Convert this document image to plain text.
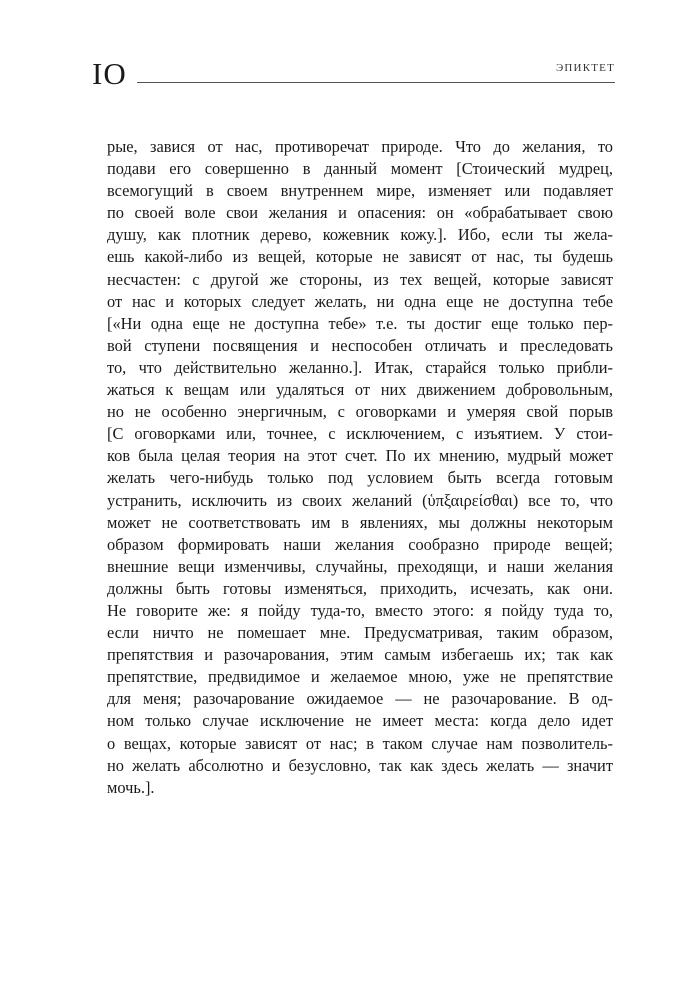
IO	ЭПИКТЕТ
рые, завися от нас, противоречат природе. Что до желания, то
подави его совершенно в данный момент [Стоический мудрец,
всемогущий в своем внутреннем мире, изменяет или подавляет
по своей воле свои желания и опасения: он «обрабатывает свою
душу, как плотник дерево, кожевник кожу.]. Ибо, если ты жела-
ешь какой-либо из вещей, которые не зависят от нас, ты будешь
несчастен: с другой же стороны, из тех вещей, которые зависят
от нас и которых следует желать, ни одна еще не доступна тебе
[«Ни одна еще не доступна тебе» т.е. ты достиг еще только пер-
вой ступени посвящения и неспособен отличать и преследовать
то, что действительно желанно.]. Итак, старайся только прибли-
жаться к вещам или удаляться от них движением добровольным,
но не особенно энергичным, с оговорками и умеряя свой порыв
[С оговорками или, точнее, с исключением, с изъятием. У стои-
ков была целая теория на этот счет. По их мнению, мудрый может
желать чего-нибудь только под условием быть всегда готовым
устранить, исключить из своих желаний (ὑπξαιρείσθαι) все то, что
может не соответствовать им в явлениях, мы должны некоторым
образом формировать наши желания сообразно природе вещей;
внешние вещи изменчивы, случайны, преходящи, и наши желания
должны быть готовы изменяться, приходить, исчезать, как они.
Не говорите же: я пойду туда-то, вместо этого: я пойду туда то,
если ничто не помешает мне. Предусматривая, таким образом,
препятствия и разочарования, этим самым избегаешь их; так как
препятствие, предвидимое и желаемое мною, уже не препятствие
для меня; разочарование ожидаемое — не разочарование. В од-
ном только случае исключение не имеет места: когда дело идет
о вещах, которые зависят от нас; в таком случае нам позволитель-
но желать абсолютно и безусловно, так как здесь желать — значит
мочь.].
